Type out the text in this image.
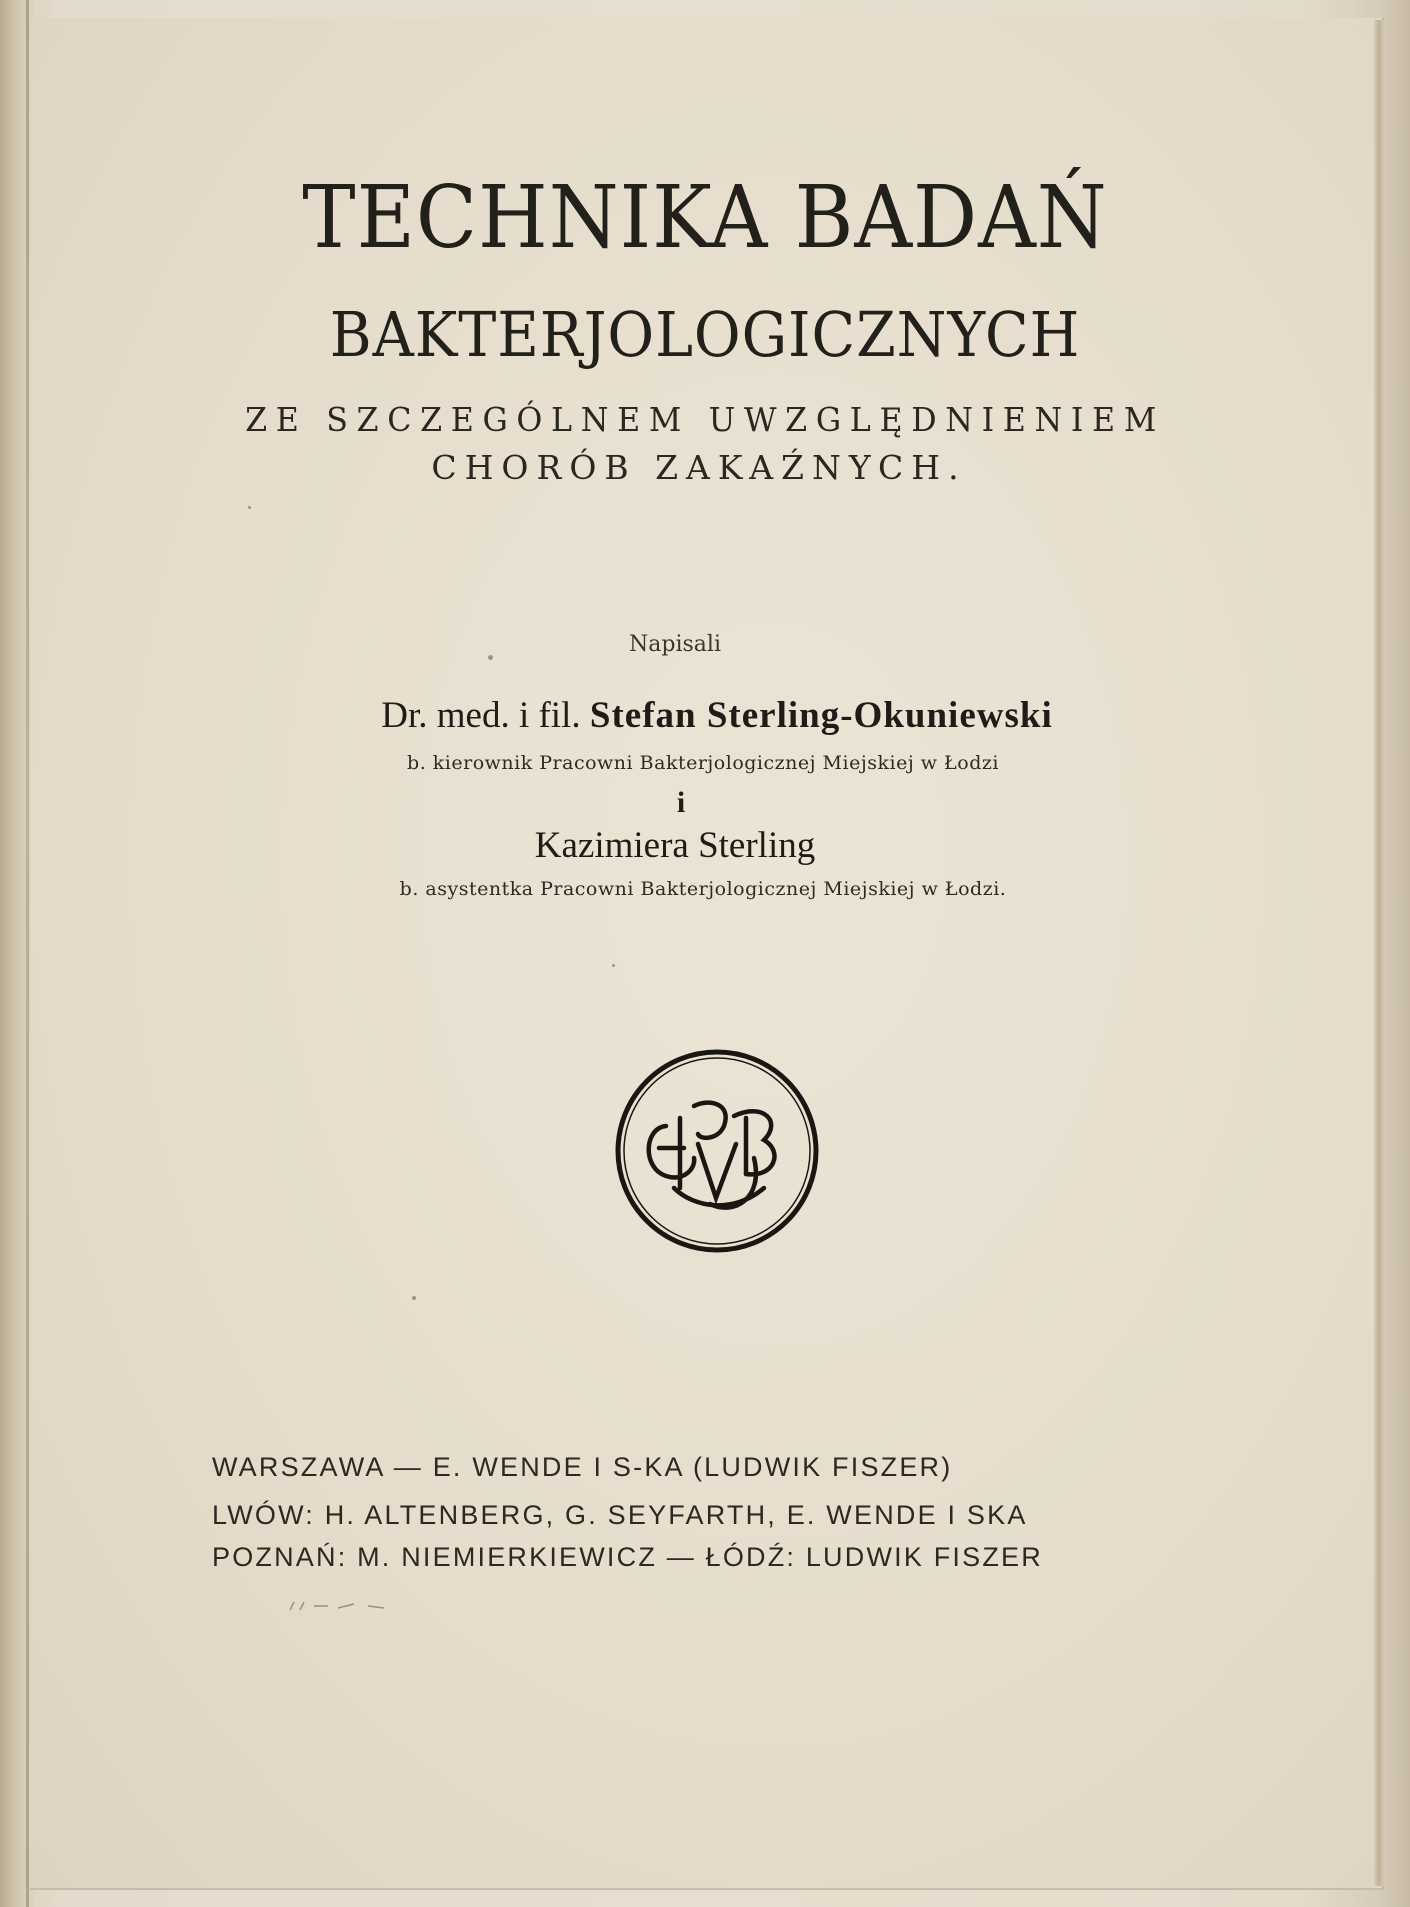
TECHNIKA BADAŃ
BAKTERJOLOGICZNYCH
ZE SZCZEGÓLNEM UWZGLĘDNIENIEM
CHORÓB ZAKAŹNYCH.
Napisali
Dr. med. i fil. Stefan Sterling-Okuniewski
b. kierownik Pracowni Bakterjologicznej Miejskiej w Łodzi
i
Kazimiera Sterling
b. asystentka Pracowni Bakterjologicznej Miejskiej w Łodzi.
WARSZAWA — E. WENDE I S-KA (LUDWIK FISZER)
LWÓW: H. ALTENBERG, G. SEYFARTH, E. WENDE I SKA
POZNAŃ: M. NIEMIERKIEWICZ — ŁÓDŹ: LUDWIK FISZER
